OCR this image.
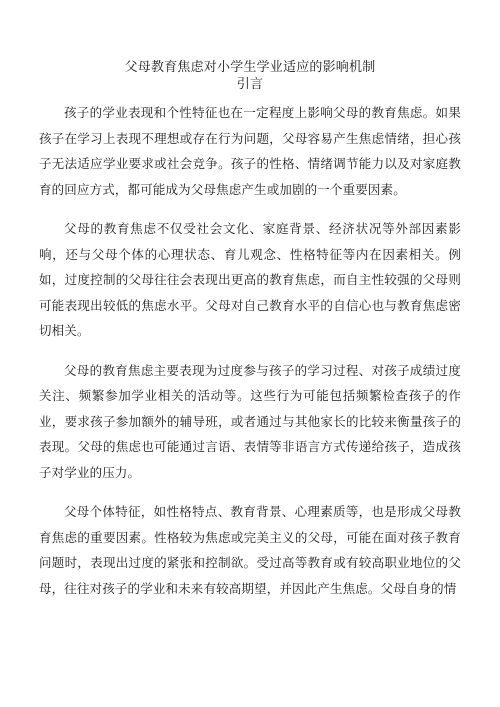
父母教育焦虑对小学生学业适应的影响机制
引言

孩子的学业表现和个性特征也在一定程度上影响父母的教育焦虑。如果孩子在学习上表现不理想或存在行为问题，父母容易产生焦虑情绪，担心孩子无法适应学业要求或社会竞争。孩子的性格、情绪调节能力以及对家庭教育的回应方式，都可能成为父母焦虑产生或加剧的一个重要因素。

父母的教育焦虑不仅受社会文化、家庭背景、经济状况等外部因素影响，还与父母个体的心理状态、育儿观念、性格特征等内在因素相关。例如，过度控制的父母往往会表现出更高的教育焦虑，而自主性较强的父母则可能表现出较低的焦虑水平。父母对自己教育水平的自信心也与教育焦虑密切相关。

父母的教育焦虑主要表现为过度参与孩子的学习过程、对孩子成绩过度关注、频繁参加学业相关的活动等。这些行为可能包括频繁检查孩子的作业，要求孩子参加额外的辅导班，或者通过与其他家长的比较来衡量孩子的表现。父母的焦虑也可能通过言语、表情等非语言方式传递给孩子，造成孩子对学业的压力。

父母个体特征，如性格特点、教育背景、心理素质等，也是形成父母教育焦虑的重要因素。性格较为焦虑或完美主义的父母，可能在面对孩子教育问题时，表现出过度的紧张和控制欲。受过高等教育或有较高职业地位的父母，往往对孩子的学业和未来有较高期望，并因此产生焦虑。父母自身的情
